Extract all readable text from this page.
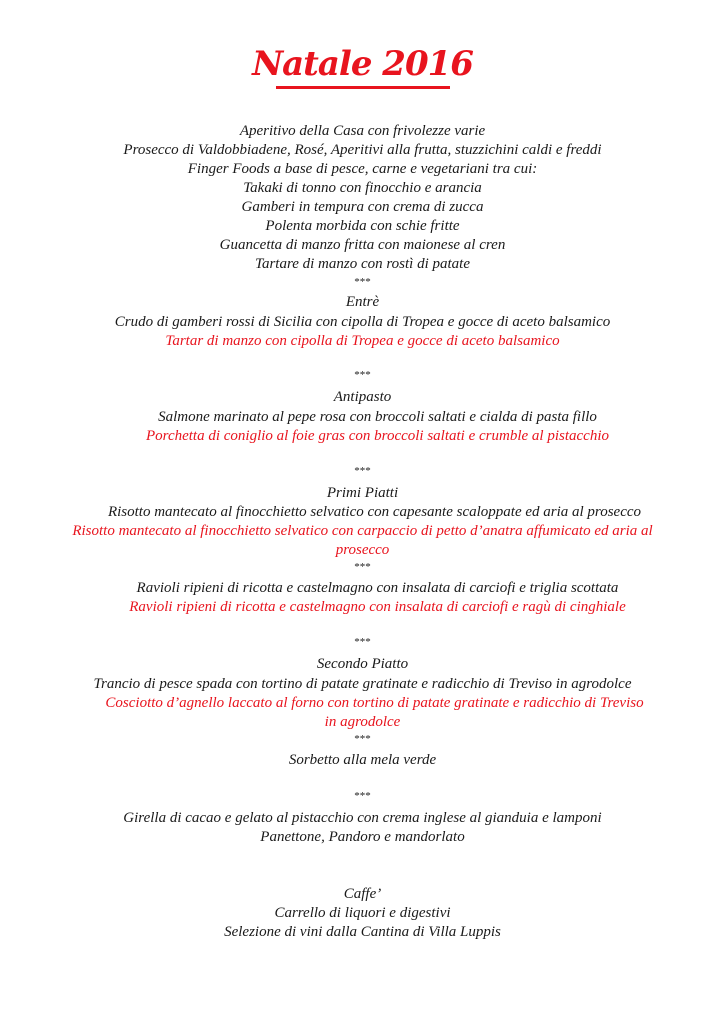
Natale 2016
Aperitivo della Casa con frivolezze varie
Prosecco di Valdobbiadene, Rosé, Aperitivi alla frutta, stuzzichini caldi e freddi
Finger Foods a base di pesce, carne e vegetariani tra cui:
Takaki di tonno con finocchio e arancia
Gamberi in tempura con crema di zucca
Polenta morbida con schie fritte
Guancetta di manzo fritta con maionese al cren
Tartare di manzo con rostì di patate
***
Entrè
Crudo di gamberi rossi di Sicilia con cipolla di Tropea e gocce di aceto balsamico
Tartar di manzo con cipolla di Tropea e gocce di aceto balsamico
***
Antipasto
Salmone marinato al pepe rosa con broccoli saltati e cialda di pasta fillo
Porchetta di coniglio al foie gras con broccoli saltati e crumble al pistacchio
***
Primi Piatti
Risotto mantecato al finocchietto selvatico con capesante scaloppate ed aria al prosecco
Risotto mantecato al finocchietto selvatico con carpaccio di petto d’anatra affumicato ed aria al
prosecco
***
Ravioli ripieni di ricotta e castelmagno con insalata di carciofi e triglia scottata
Ravioli ripieni di ricotta e castelmagno con insalata di carciofi e ragù di cinghiale
***
Secondo Piatto
Trancio di pesce spada con tortino di patate gratinate e radicchio di Treviso in agrodolce
Cosciotto d’agnello laccato al forno con tortino di patate gratinate e radicchio di Treviso
in agrodolce
***
Sorbetto alla mela verde
***
Girella di cacao e gelato al pistacchio con crema inglese al gianduia e lamponi
Panettone, Pandoro e mandorlato
Caffe’
Carrello di liquori e digestivi
Selezione di vini dalla Cantina di Villa Luppis
